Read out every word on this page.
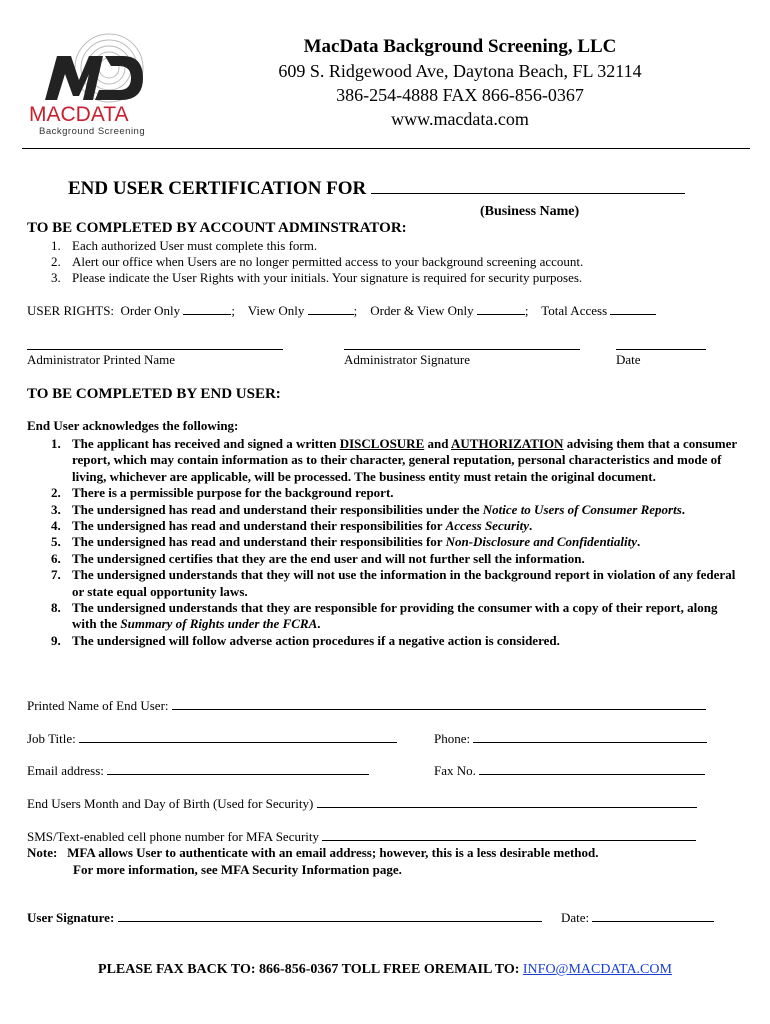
MD
MACDATA
Background Screening
MacData Background Screening, LLC
609 S. Ridgewood Ave, Daytona Beach, FL 32114
386-254-4888 FAX 866-856-0367
www.macdata.com
END USER CERTIFICATION FOR
(Business Name)
TO BE COMPLETED BY ACCOUNT ADMINSTRATOR:
1. Each authorized User must complete this form.
2. Alert our office when Users are no longer permitted access to your background screening account.
3. Please indicate the User Rights with your initials. Your signature is required for security purposes.
USER RIGHTS: Order Only	;    View Only	;    Order & View Only	;    Total Access
Administrator Printed Name	Administrator Signature	Date
TO BE COMPLETED BY END USER:
End User acknowledges the following:
1. The applicant has received and signed a written DISCLOSURE and AUTHORIZATION advising them that a consumer report, which may contain information as to their character, general reputation, personal characteristics and mode of living, whichever are applicable, will be processed. The business entity must retain the original document.
2. There is a permissible purpose for the background report.
3. The undersigned has read and understand their responsibilities under the Notice to Users of Consumer Reports.
4. The undersigned has read and understand their responsibilities for Access Security.
5. The undersigned has read and understand their responsibilities for Non-Disclosure and Confidentiality.
6. The undersigned certifies that they are the end user and will not further sell the information.
7. The undersigned understands that they will not use the information in the background report in violation of any federal or state equal opportunity laws.
8. The undersigned understands that they are responsible for providing the consumer with a copy of their report, along with the Summary of Rights under the FCRA.
9. The undersigned will follow adverse action procedures if a negative action is considered.
Printed Name of End User:
Job Title:	Phone:
Email address:	Fax No.
End Users Month and Day of Birth (Used for Security)
SMS/Text-enabled cell phone number for MFA Security
Note: MFA allows User to authenticate with an email address; however, this is a less desirable method.
For more information, see MFA Security Information page.
User Signature:	Date:
PLEASE FAX BACK TO: 866-856-0367 TOLL FREE OREMAIL TO: INFO@MACDATA.COM
